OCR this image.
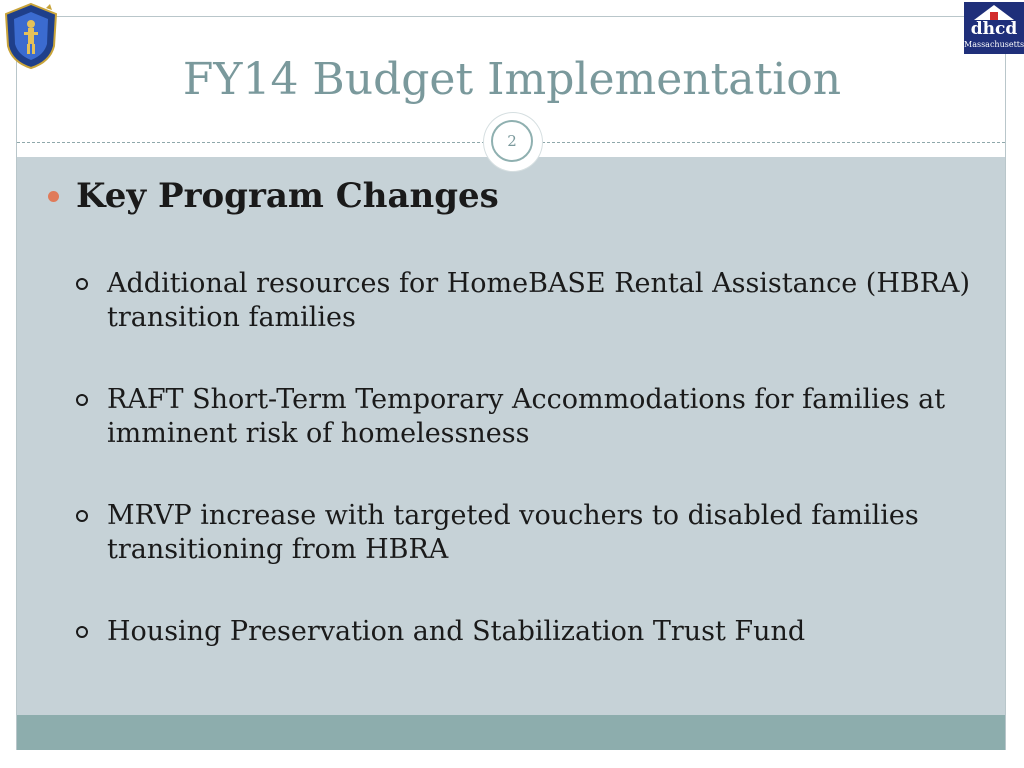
dhcd
Massachusetts
FY14 Budget Implementation
2
Key Program Changes
Additional resources for HomeBASE Rental Assistance (HBRA) transition families
RAFT Short-Term Temporary Accommodations for families at imminent risk of homelessness
MRVP increase with targeted vouchers to disabled families transitioning from HBRA
Housing Preservation and Stabilization Trust Fund
